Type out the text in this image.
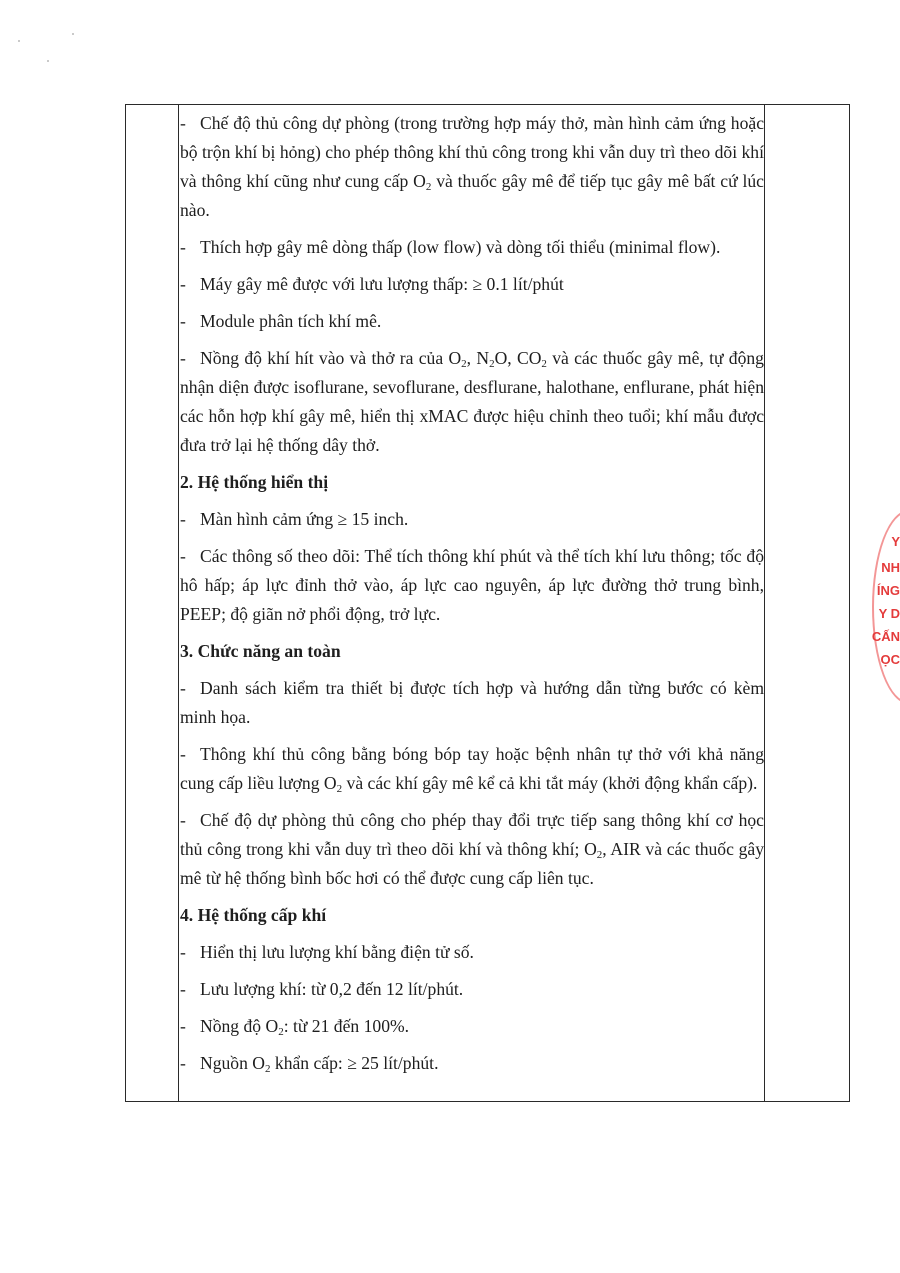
- Chế độ thủ công dự phòng (trong trường hợp máy thở, màn hình cảm ứng hoặc bộ trộn khí bị hỏng) cho phép thông khí thủ công trong khi vẫn duy trì theo dõi khí và thông khí cũng như cung cấp $O_2$ và thuốc gây mê để tiếp tục gây mê bất cứ lúc nào.

- Thích hợp gây mê dòng thấp (low flow) và dòng tối thiểu (minimal flow).

- Máy gây mê được với lưu lượng thấp: ≥ 0.1 lít/phút

- Module phân tích khí mê.

- Nồng độ khí hít vào và thở ra của $O_2$, $N_2O$, $CO_2$ và các thuốc gây mê, tự động nhận diện được isoflurane, sevoflurane, desflurane, halothane, enflurane, phát hiện các hỗn hợp khí gây mê, hiển thị xMAC được hiệu chỉnh theo tuổi; khí mẫu được đưa trở lại hệ thống dây thở.

2. Hệ thống hiển thị

- Màn hình cảm ứng ≥ 15 inch.

- Các thông số theo dõi: Thể tích thông khí phút và thể tích khí lưu thông; tốc độ hô hấp; áp lực đỉnh thở vào, áp lực cao nguyên, áp lực đường thở trung bình, PEEP; độ giãn nở phổi động, trở lực.

3. Chức năng an toàn

- Danh sách kiểm tra thiết bị được tích hợp và hướng dẫn từng bước có kèm minh họa.

- Thông khí thủ công bằng bóng bóp tay hoặc bệnh nhân tự thở với khả năng cung cấp liều lượng $O_2$ và các khí gây mê kể cả khi tắt máy (khởi động khẩn cấp).

- Chế độ dự phòng thủ công cho phép thay đổi trực tiếp sang thông khí cơ học thủ công trong khi vẫn duy trì theo dõi khí và thông khí; $O_2$, AIR và các thuốc gây mê từ hệ thống bình bốc hơi có thể được cung cấp liên tục.

4. Hệ thống cấp khí

- Hiển thị lưu lượng khí bằng điện tử số.

- Lưu lượng khí: từ 0,2 đến 12 lít/phút.

- Nồng độ $O_2$: từ 21 đến 100%.

- Nguồn $O_2$ khẩn cấp: ≥ 25 lít/phút.

Y
NH
ÍNG
Y D
CẤN
ỌC
